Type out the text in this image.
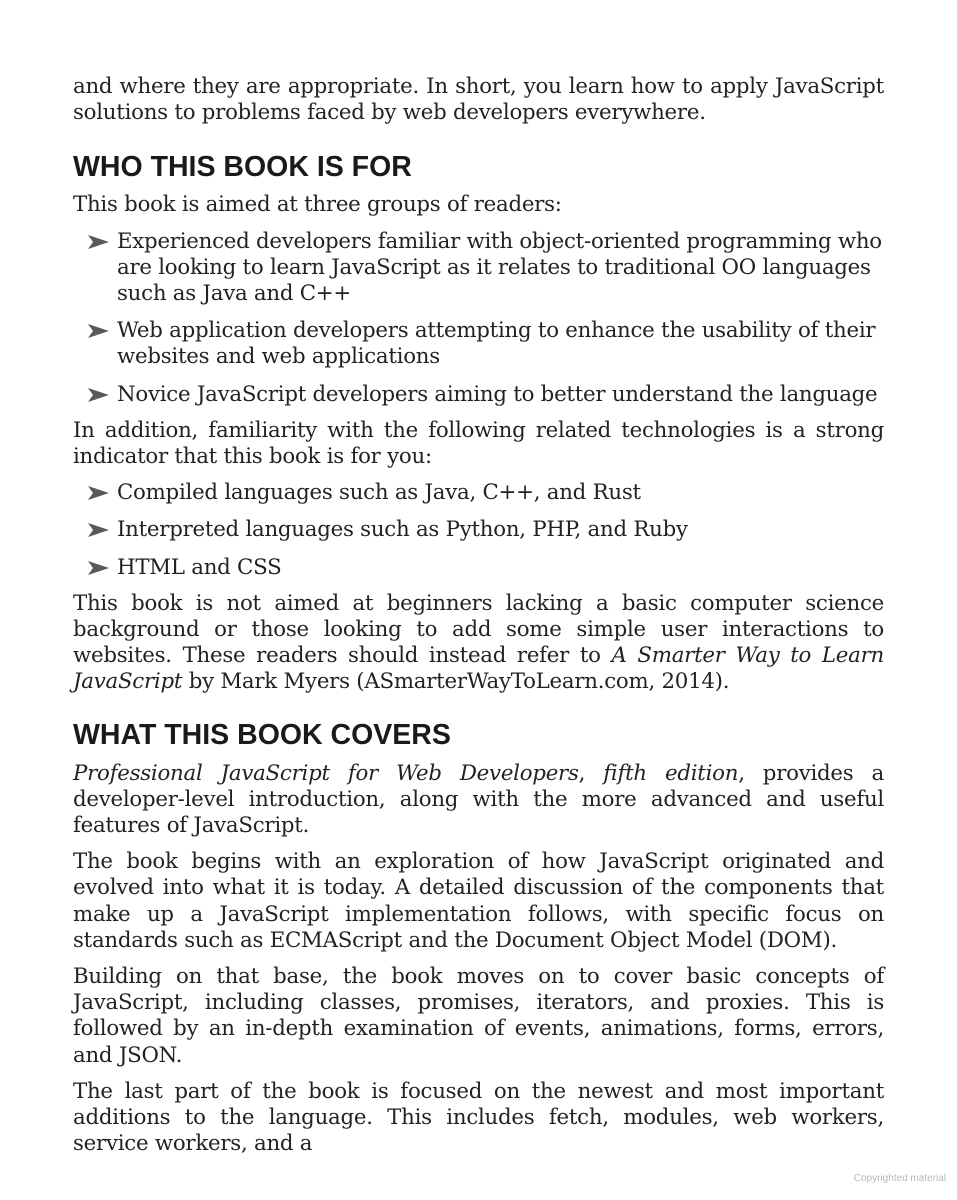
and where they are appropriate. In short, you learn how to apply JavaScript solutions to problems faced by web developers everywhere.

WHO THIS BOOK IS FOR

This book is aimed at three groups of readers:

Experienced developers familiar with object-oriented programming who are looking to learn JavaScript as it relates to traditional OO languages such as Java and C++
Web application developers attempting to enhance the usability of their websites and web applications
Novice JavaScript developers aiming to better understand the language

In addition, familiarity with the following related technologies is a strong indicator that this book is for you:

Compiled languages such as Java, C++, and Rust
Interpreted languages such as Python, PHP, and Ruby
HTML and CSS

This book is not aimed at beginners lacking a basic computer science background or those looking to add some simple user interactions to websites. These readers should instead refer to A Smarter Way to Learn JavaScript by Mark Myers (ASmarterWayToLearn.com, 2014).

WHAT THIS BOOK COVERS

Professional JavaScript for Web Developers, fifth edition, provides a developer-level introduction, along with the more advanced and useful features of JavaScript.

The book begins with an exploration of how JavaScript originated and evolved into what it is today. A detailed discussion of the components that make up a JavaScript implementation follows, with specific focus on standards such as ECMAScript and the Document Object Model (DOM).

Building on that base, the book moves on to cover basic concepts of JavaScript, including classes, promises, iterators, and proxies. This is followed by an in-depth examination of events, animations, forms, errors, and JSON.

The last part of the book is focused on the newest and most important additions to the language. This includes fetch, modules, web workers, service workers, and a

Copyrighted material
